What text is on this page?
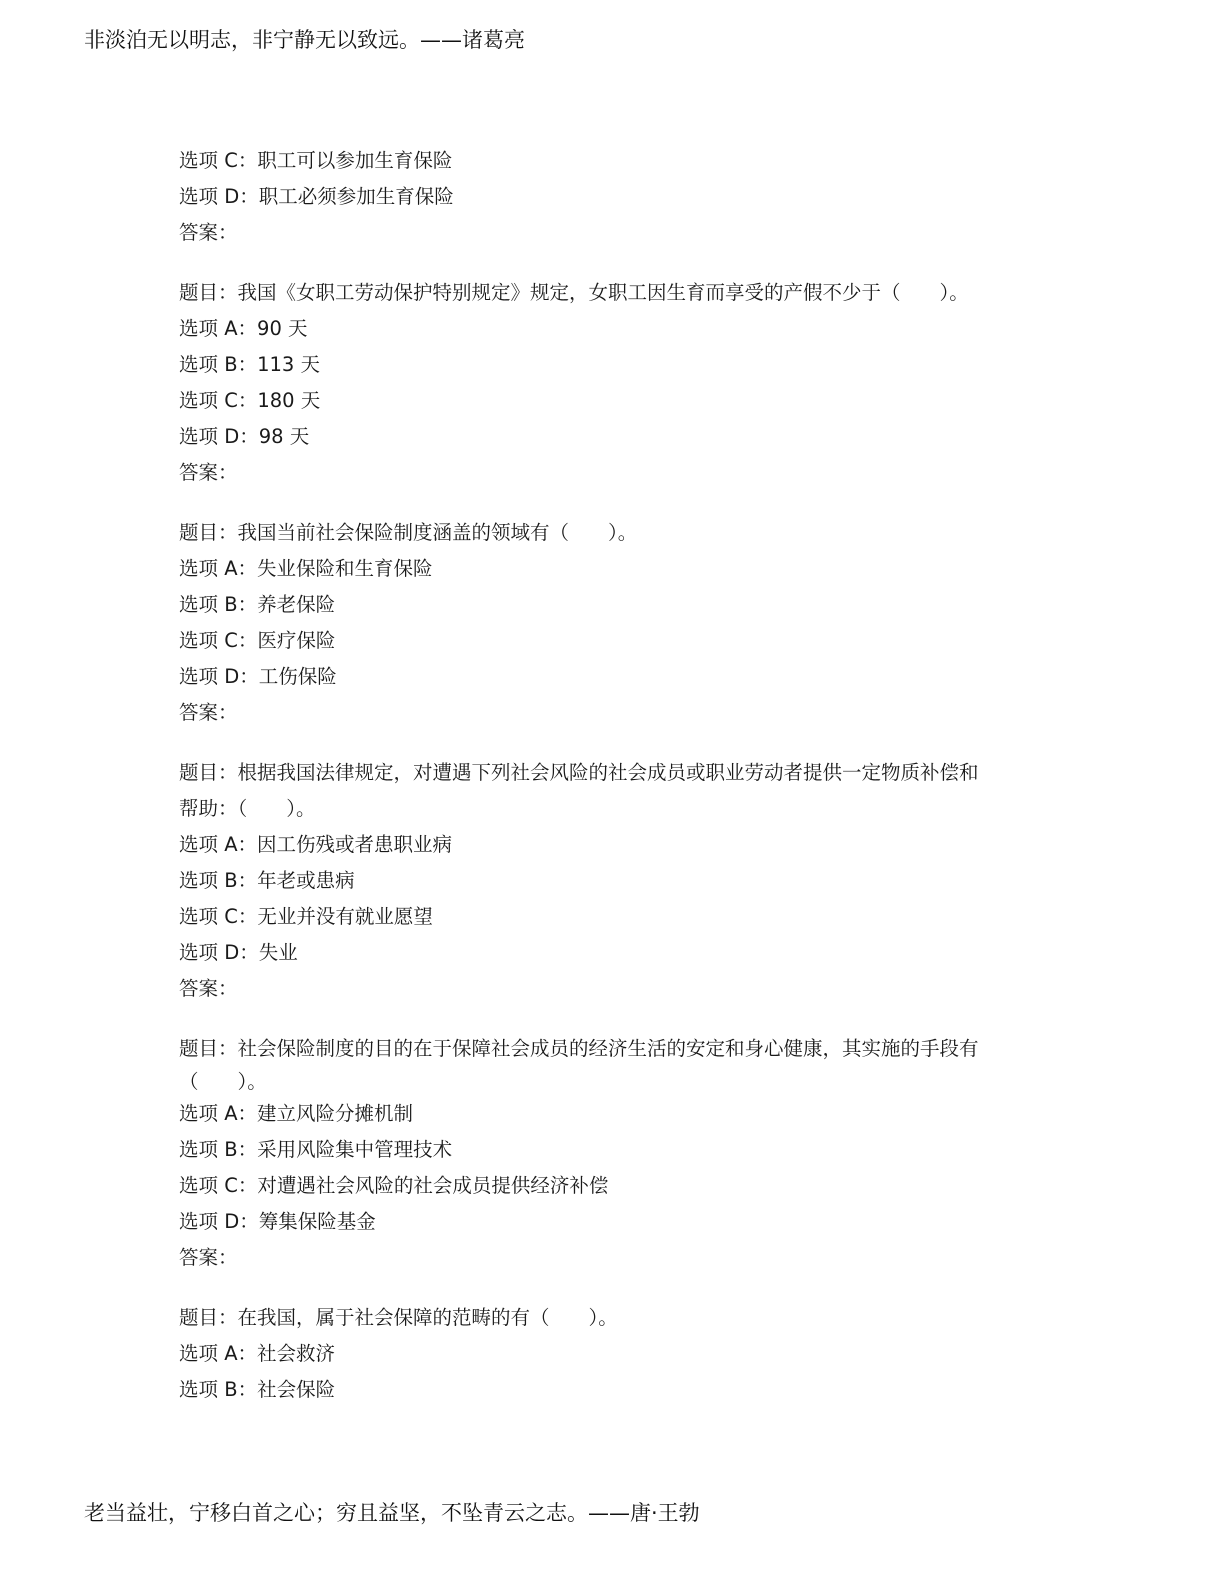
非淡泊无以明志，非宁静无以致远。——诸葛亮
选项 C：职工可以参加生育保险
选项 D：职工必须参加生育保险
答案：
题目：我国《女职工劳动保护特别规定》规定，女职工因生育而享受的产假不少于（　　）。
选项 A：90 天
选项 B：113 天
选项 C：180 天
选项 D：98 天
答案：
题目：我国当前社会保险制度涵盖的领域有（　　）。
选项 A：失业保险和生育保险
选项 B：养老保险
选项 C：医疗保险
选项 D：工伤保险
答案：
题目：根据我国法律规定，对遭遇下列社会风险的社会成员或职业劳动者提供一定物质补偿和
帮助：（　　）。
选项 A：因工伤残或者患职业病
选项 B：年老或患病
选项 C：无业并没有就业愿望
选项 D：失业
答案：
题目：社会保险制度的目的在于保障社会成员的经济生活的安定和身心健康，其实施的手段有
（　　）。
选项 A：建立风险分摊机制
选项 B：采用风险集中管理技术
选项 C：对遭遇社会风险的社会成员提供经济补偿
选项 D：筹集保险基金
答案：
题目：在我国，属于社会保障的范畴的有（　　）。
选项 A：社会救济
选项 B：社会保险
老当益壮，宁移白首之心；穷且益坚，不坠青云之志。——唐·王勃
